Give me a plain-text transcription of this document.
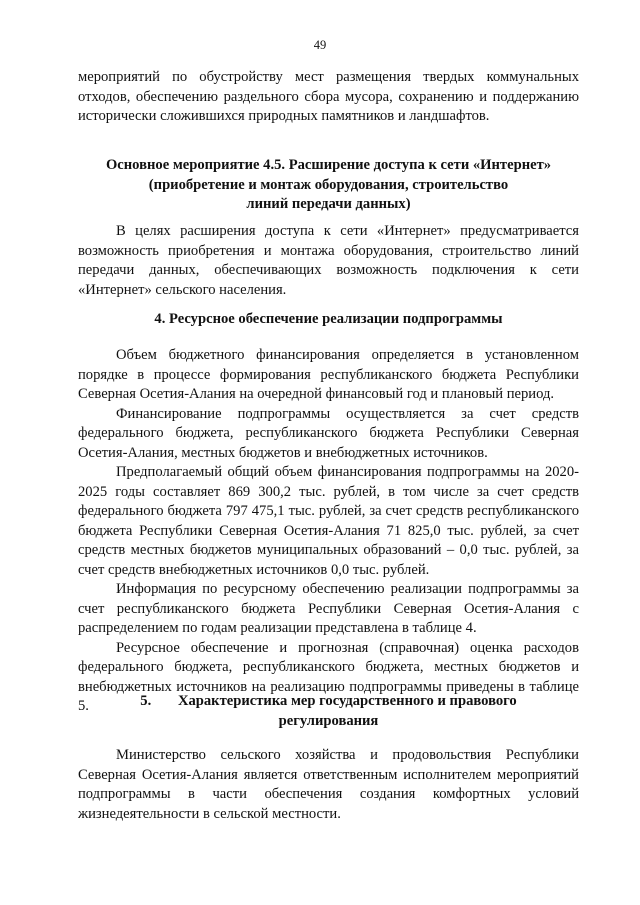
49

мероприятий по обустройству мест размещения твердых коммунальных отходов, обеспечению раздельного сбора мусора, сохранению и поддержанию исторически сложившихся природных памятников и ландшафтов.

Основное мероприятие 4.5. Расширение доступа к сети «Интернет»
(приобретение и монтаж оборудования, строительство
линий передачи данных)

В целях расширения доступа к сети «Интернет» предусматривается возможность приобретения и монтажа оборудования, строительство линий передачи данных, обеспечивающих возможность подключения к сети «Интернет» сельского населения.

4. Ресурсное обеспечение реализации подпрограммы

Объем бюджетного финансирования определяется в установленном порядке в процессе формирования республиканского бюджета Республики Северная Осетия-Алания на очередной финансовый год и плановый период.

Финансирование подпрограммы осуществляется за счет средств федерального бюджета, республиканского бюджета Республики Северная Осетия-Алания, местных бюджетов и внебюджетных источников.

Предполагаемый общий объем финансирования подпрограммы на 2020-2025 годы составляет 869 300,2 тыс. рублей, в том числе за счет средств федерального бюджета 797 475,1 тыс. рублей, за счет средств республиканского бюджета Республики Северная Осетия-Алания 71 825,0 тыс. рублей, за счет средств местных бюджетов муниципальных образований – 0,0 тыс. рублей, за счет средств внебюджетных источников 0,0 тыс. рублей.

Информация по ресурсному обеспечению реализации подпрограммы за счет республиканского бюджета Республики Северная Осетия-Алания с распределением по годам реализации представлена в таблице 4.

Ресурсное обеспечение и прогнозная (справочная) оценка расходов федерального бюджета, республиканского бюджета, местных бюджетов и внебюджетных источников на реализацию подпрограммы приведены в таблице 5.	5. Характеристика мер государственного и правового
регулирования

Министерство сельского хозяйства и продовольствия Республики Северная Осетия-Алания является ответственным исполнителем мероприятий подпрограммы в части обеспечения создания комфортных условий жизнедеятельности в сельской местности.
